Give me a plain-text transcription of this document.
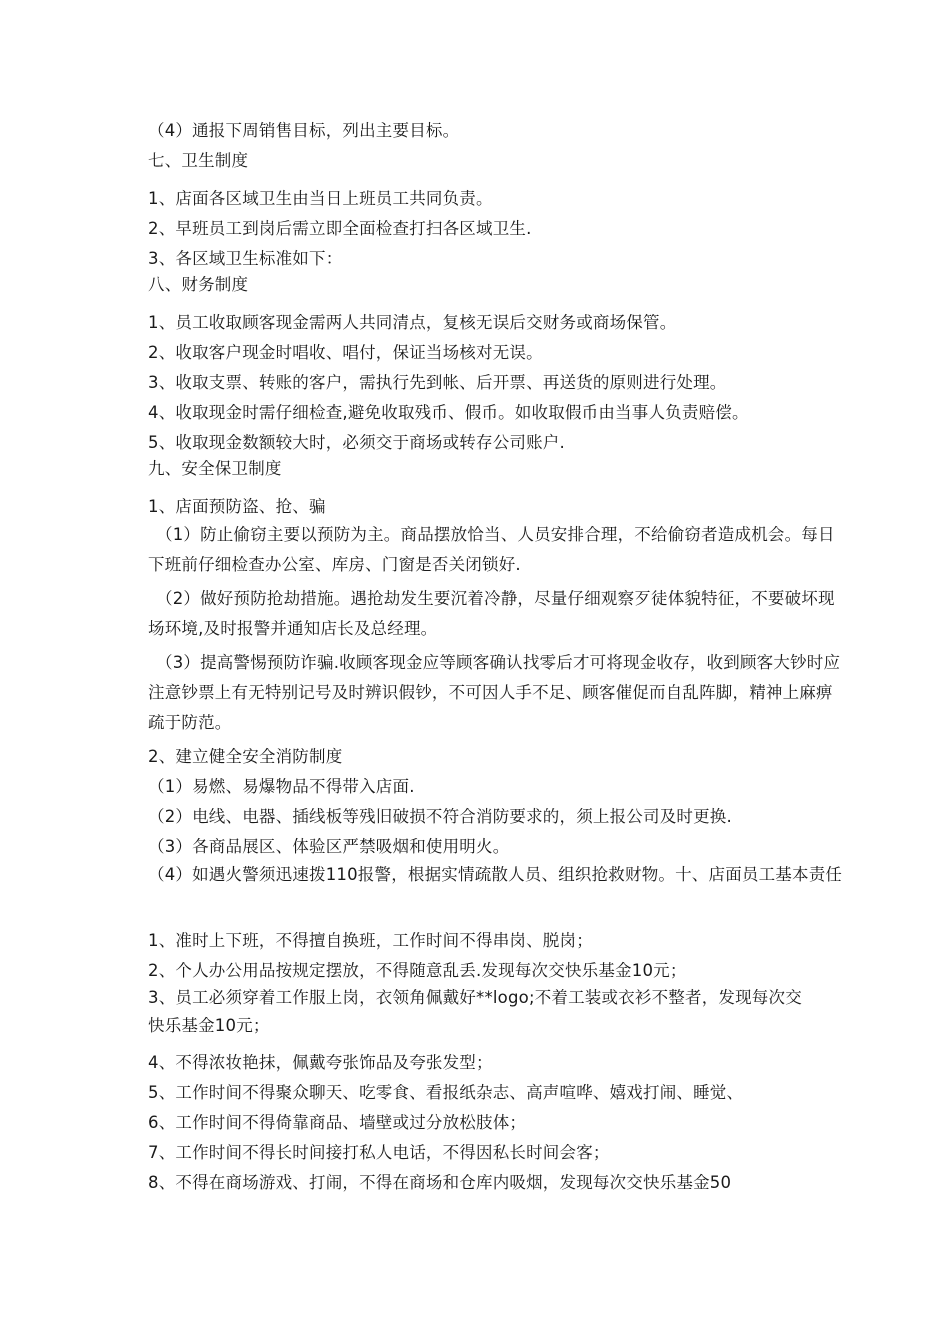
（4）通报下周销售目标，列出主要目标。
七、卫生制度
1、店面各区域卫生由当日上班员工共同负责。
2、早班员工到岗后需立即全面检查打扫各区域卫生.
3、各区域卫生标准如下：
八、财务制度
1、员工收取顾客现金需两人共同清点，复核无误后交财务或商场保管。
2、收取客户现金时唱收、唱付，保证当场核对无误。
3、收取支票、转账的客户，需执行先到帐、后开票、再送货的原则进行处理。
4、收取现金时需仔细检查,避免收取残币、假币。如收取假币由当事人负责赔偿。
5、收取现金数额较大时，必须交于商场或转存公司账户.
九、安全保卫制度
1、店面预防盗、抢、骗
（1）防止偷窃主要以预防为主。商品摆放恰当、人员安排合理，不给偷窃者造成机会。每日下班前仔细检查办公室、库房、门窗是否关闭锁好.
（2）做好预防抢劫措施。遇抢劫发生要沉着冷静，尽量仔细观察歹徒体貌特征，不要破坏现场环境,及时报警并通知店长及总经理。
（3）提高警惕预防诈骗.收顾客现金应等顾客确认找零后才可将现金收存，收到顾客大钞时应注意钞票上有无特别记号及时辨识假钞，不可因人手不足、顾客催促而自乱阵脚，精神上麻痹疏于防范。
2、建立健全安全消防制度
（1）易燃、易爆物品不得带入店面.
（2）电线、电器、插线板等残旧破损不符合消防要求的，须上报公司及时更换.
（3）各商品展区、体验区严禁吸烟和使用明火。
（4）如遇火警须迅速拨110报警，根据实情疏散人员、组织抢救财物。十、店面员工基本责任
1、准时上下班，不得擅自换班，工作时间不得串岗、脱岗；
2、个人办公用品按规定摆放，不得随意乱丢.发现每次交快乐基金10元；
3、员工必须穿着工作服上岗，衣领角佩戴好**logo;不着工装或衣衫不整者，发现每次交快乐基金10元；
4、不得浓妆艳抹，佩戴夸张饰品及夸张发型；
5、工作时间不得聚众聊天、吃零食、看报纸杂志、高声喧哗、嬉戏打闹、睡觉、
6、工作时间不得倚靠商品、墙壁或过分放松肢体；
7、工作时间不得长时间接打私人电话，不得因私长时间会客；
8、不得在商场游戏、打闹，不得在商场和仓库内吸烟，发现每次交快乐基金50
